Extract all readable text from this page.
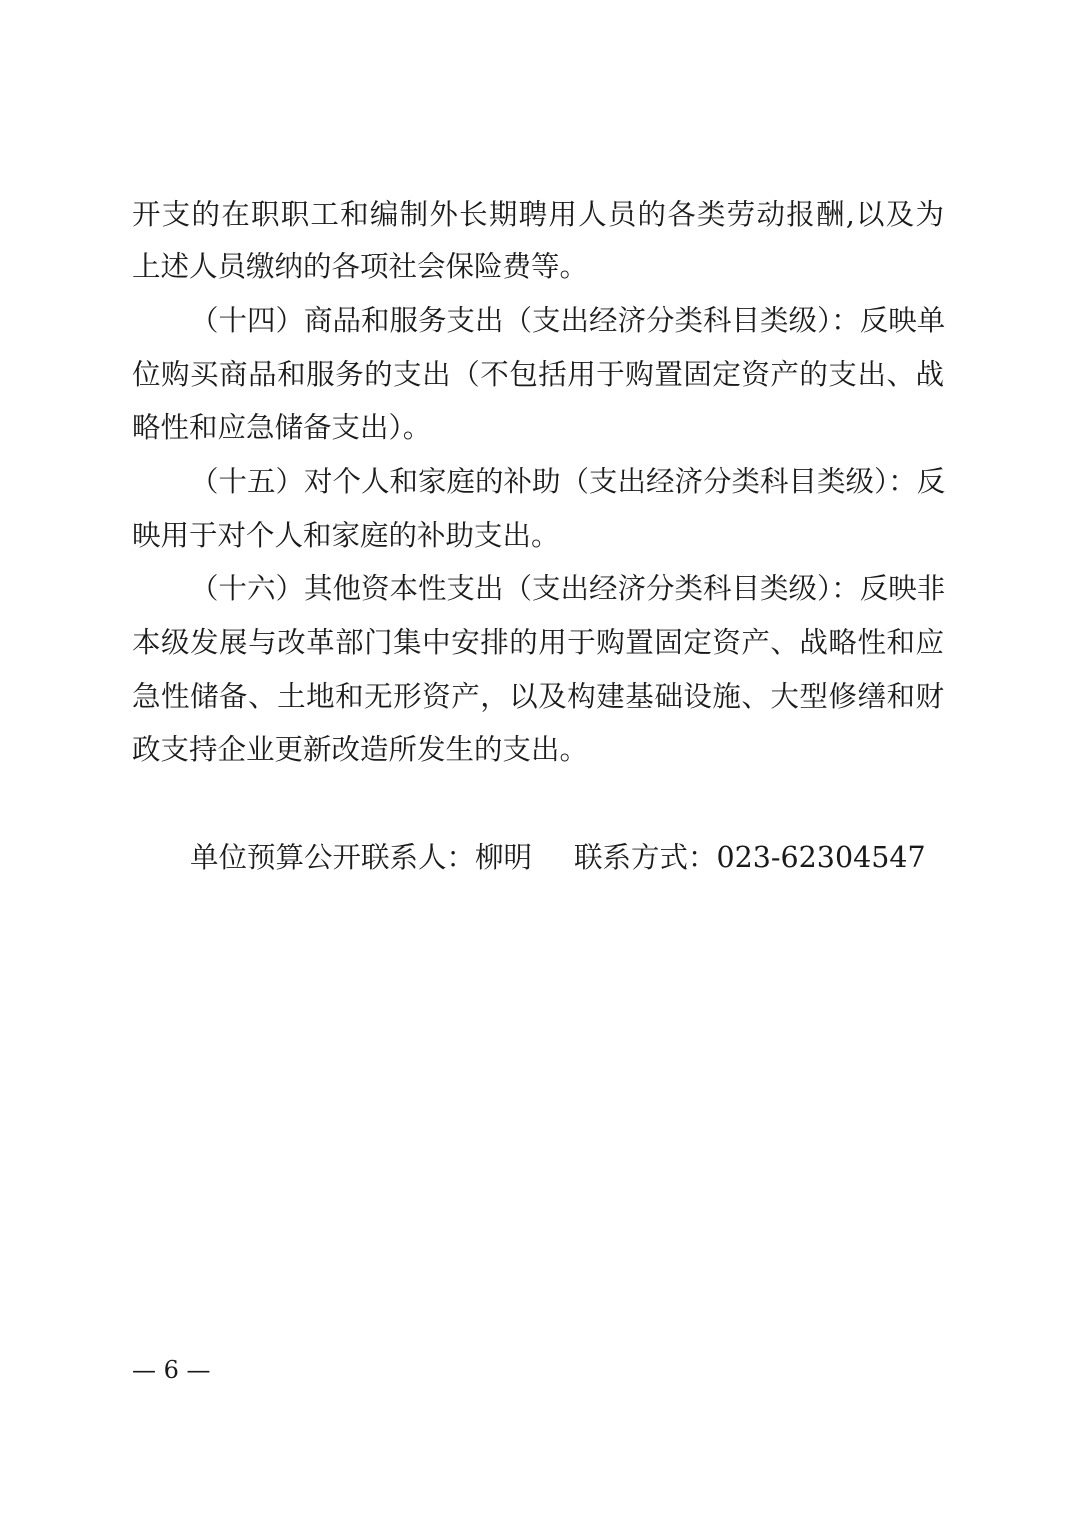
开支的在职职工和编制外长期聘用人员的各类劳动报酬,以及为
上述人员缴纳的各项社会保险费等。
（十四）商品和服务支出（支出经济分类科目类级）：反映单
位购买商品和服务的支出（不包括用于购置固定资产的支出、战
略性和应急储备支出）。
（十五）对个人和家庭的补助（支出经济分类科目类级）：反
映用于对个人和家庭的补助支出。
（十六）其他资本性支出（支出经济分类科目类级）：反映非
本级发展与改革部门集中安排的用于购置固定资产、战略性和应
急性储备、土地和无形资产，以及构建基础设施、大型修缮和财
政支持企业更新改造所发生的支出。
单位预算公开联系人：柳明 联系方式：023-62304547
— 6 —
